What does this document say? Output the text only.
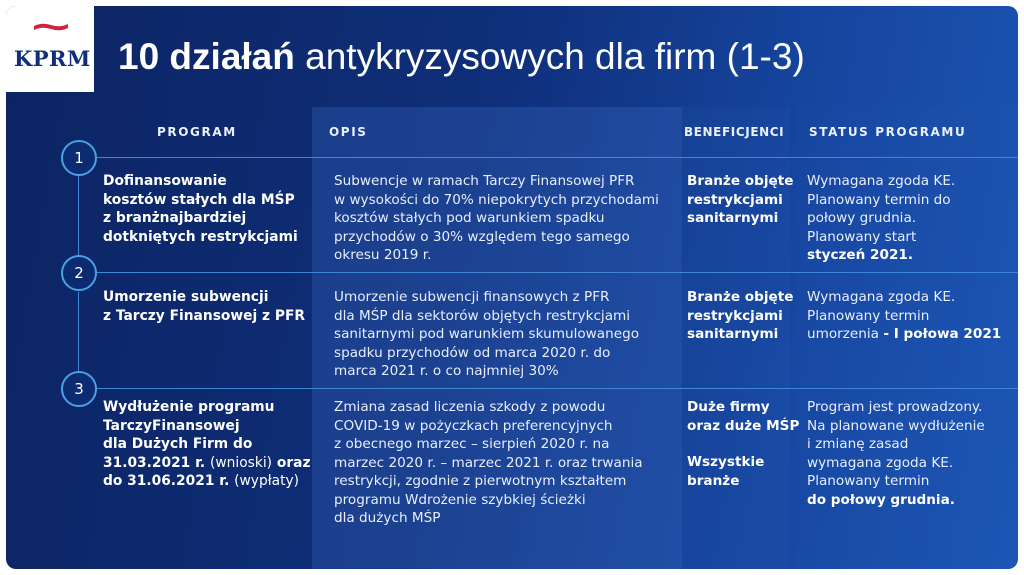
KPRM 10 działań antykryzysowych dla firm (1-3)
PROGRAM	OPIS	BENEFICJENCI STATUS PROGRAMU
1
2
3
Dofinansowanie
kosztów stałych dla MŚP
z branżnajbardziej
dotkniętych restrykcjami
Subwencje w ramach Tarczy Finansowej PFR
w wysokości do 70% niepokrytych przychodami
kosztów stałych pod warunkiem spadku
przychodów o 30% względem tego samego
okresu 2019 r.
Branże objęte
restrykcjami
sanitarnymi
Wymagana zgoda KE.
Planowany termin do
połowy grudnia.
Planowany start
styczeń 2021.
Umorzenie subwencji
z Tarczy Finansowej z PFR
Umorzenie subwencji finansowych z PFR
dla MŚP dla sektorów objętych restrykcjami
sanitarnymi pod warunkiem skumulowanego
spadku przychodów od marca 2020 r. do
marca 2021 r. o co najmniej 30%
Branże objęte
restrykcjami
sanitarnymi
Wymagana zgoda KE.
Planowany termin
umorzenia - I połowa 2021
Wydłużenie programu
TarczyFinansowej
dla Dużych Firm do
31.03.2021 r. (wnioski) oraz
do 31.06.2021 r. (wypłaty)
Zmiana zasad liczenia szkody z powodu
COVID-19 w pożyczkach preferencyjnych
z obecnego marzec – sierpień 2020 r. na
marzec 2020 r. – marzec 2021 r. oraz trwania
restrykcji, zgodnie z pierwotnym kształtem
programu Wdrożenie szybkiej ścieżki
dla dużych MŚP
Duże firmy
oraz duże MŚP
Wszystkie
branże
Program jest prowadzony.
Na planowane wydłużenie
i zmianę zasad
wymagana zgoda KE.
Planowany termin
do połowy grudnia.
